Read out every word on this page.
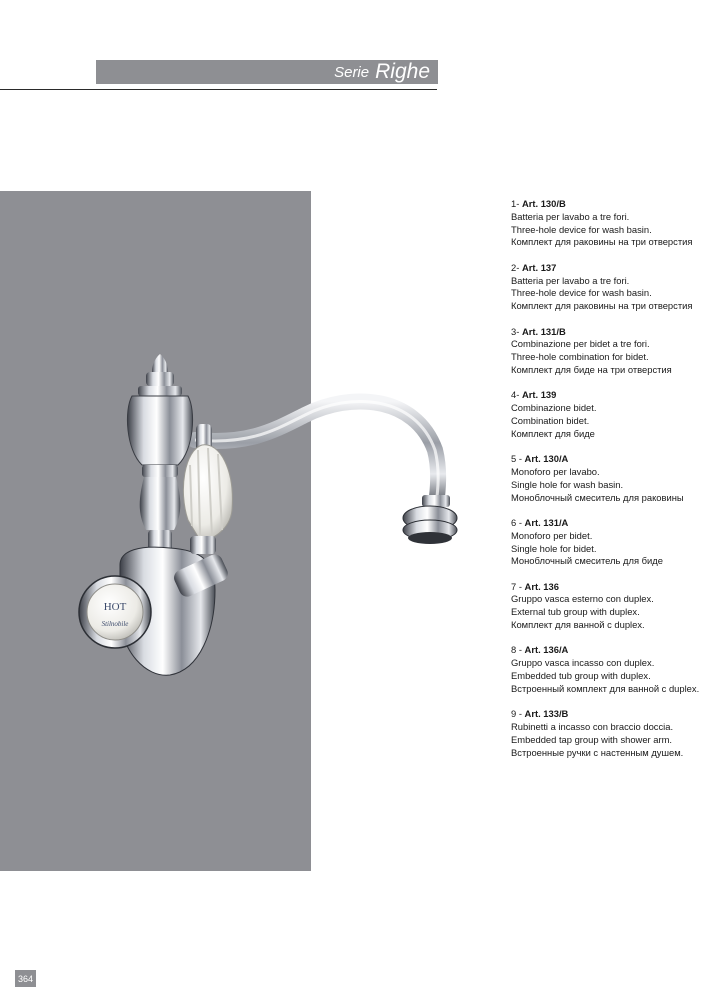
Serie Righe
HOT
Stilnobile
1- Art. 130/B
Batteria per lavabo a tre fori.
Three-hole device for wash basin.
Комплект для раковины на три отверстия
2- Art. 137
Batteria per lavabo a tre fori.
Three-hole device for wash basin.
Комплект для раковины на три отверстия
3- Art. 131/B
Combinazione per bidet a tre fori.
Three-hole combination for bidet.
Комплект для биде на три отверстия
4- Art. 139
Combinazione bidet.
Combination bidet.
Комплект для биде
5 - Art. 130/A
Monoforo per lavabo.
Single hole for wash basin.
Моноблочный смеситель для раковины
6 - Art. 131/A
Monoforo per bidet.
Single hole for bidet.
Моноблочный смеситель для биде
7 - Art. 136
Gruppo vasca esterno con duplex.
External tub group with duplex.
Комплект для ванной с duplex.
8 - Art. 136/A
Gruppo vasca incasso con duplex.
Embedded tub group with duplex.
Встроенный комплект для ванной с duplex.
9 - Art. 133/B
Rubinetti a incasso con braccio doccia.
Embedded tap group with shower arm.
Встроенные ручки с настенным душем.
364
